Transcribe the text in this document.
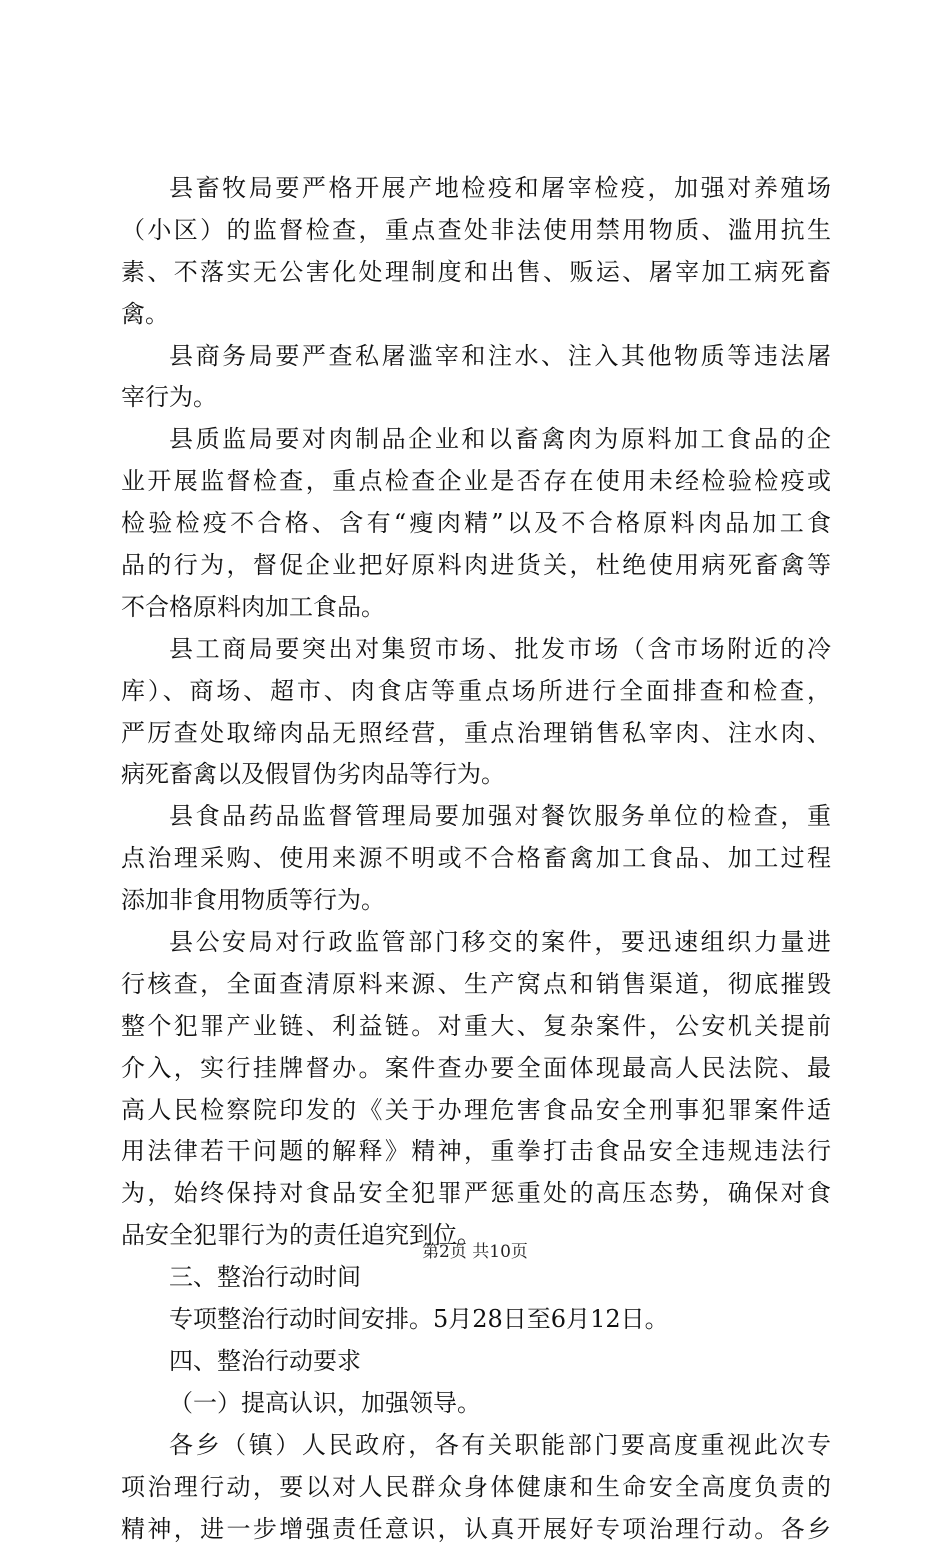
县畜牧局要严格开展产地检疫和屠宰检疫，加强对养殖场
（小区）的监督检查，重点查处非法使用禁用物质、滥用抗生
素、不落实无公害化处理制度和出售、贩运、屠宰加工病死畜
禽。
县商务局要严查私屠滥宰和注水、注入其他物质等违法屠
宰行为。
县质监局要对肉制品企业和以畜禽肉为原料加工食品的企
业开展监督检查，重点检查企业是否存在使用未经检验检疫或
检验检疫不合格、含有“瘦肉精”以及不合格原料肉品加工食
品的行为，督促企业把好原料肉进货关，杜绝使用病死畜禽等
不合格原料肉加工食品。
县工商局要突出对集贸市场、批发市场（含市场附近的冷
库）、商场、超市、肉食店等重点场所进行全面排查和检查，
严厉查处取缔肉品无照经营，重点治理销售私宰肉、注水肉、
病死畜禽以及假冒伪劣肉品等行为。
县食品药品监督管理局要加强对餐饮服务单位的检查，重
点治理采购、使用来源不明或不合格畜禽加工食品、加工过程
添加非食用物质等行为。
县公安局对行政监管部门移交的案件，要迅速组织力量进
行核查，全面查清原料来源、生产窝点和销售渠道，彻底摧毁
整个犯罪产业链、利益链。对重大、复杂案件，公安机关提前
介入，实行挂牌督办。案件查办要全面体现最高人民法院、最
高人民检察院印发的《关于办理危害食品安全刑事犯罪案件适
用法律若干问题的解释》精神，重拳打击食品安全违规违法行
为，始终保持对食品安全犯罪严惩重处的高压态势，确保对食
品安全犯罪行为的责任追究到位。
三、整治行动时间
专项整治行动时间安排。5月28日至6月12日。
四、整治行动要求
（一）提高认识，加强领导。
各乡（镇）人民政府，各有关职能部门要高度重视此次专
项治理行动，要以对人民群众身体健康和生命安全高度负责的
精神，进一步增强责任意识，认真开展好专项治理行动。各乡
第2页 共10页
